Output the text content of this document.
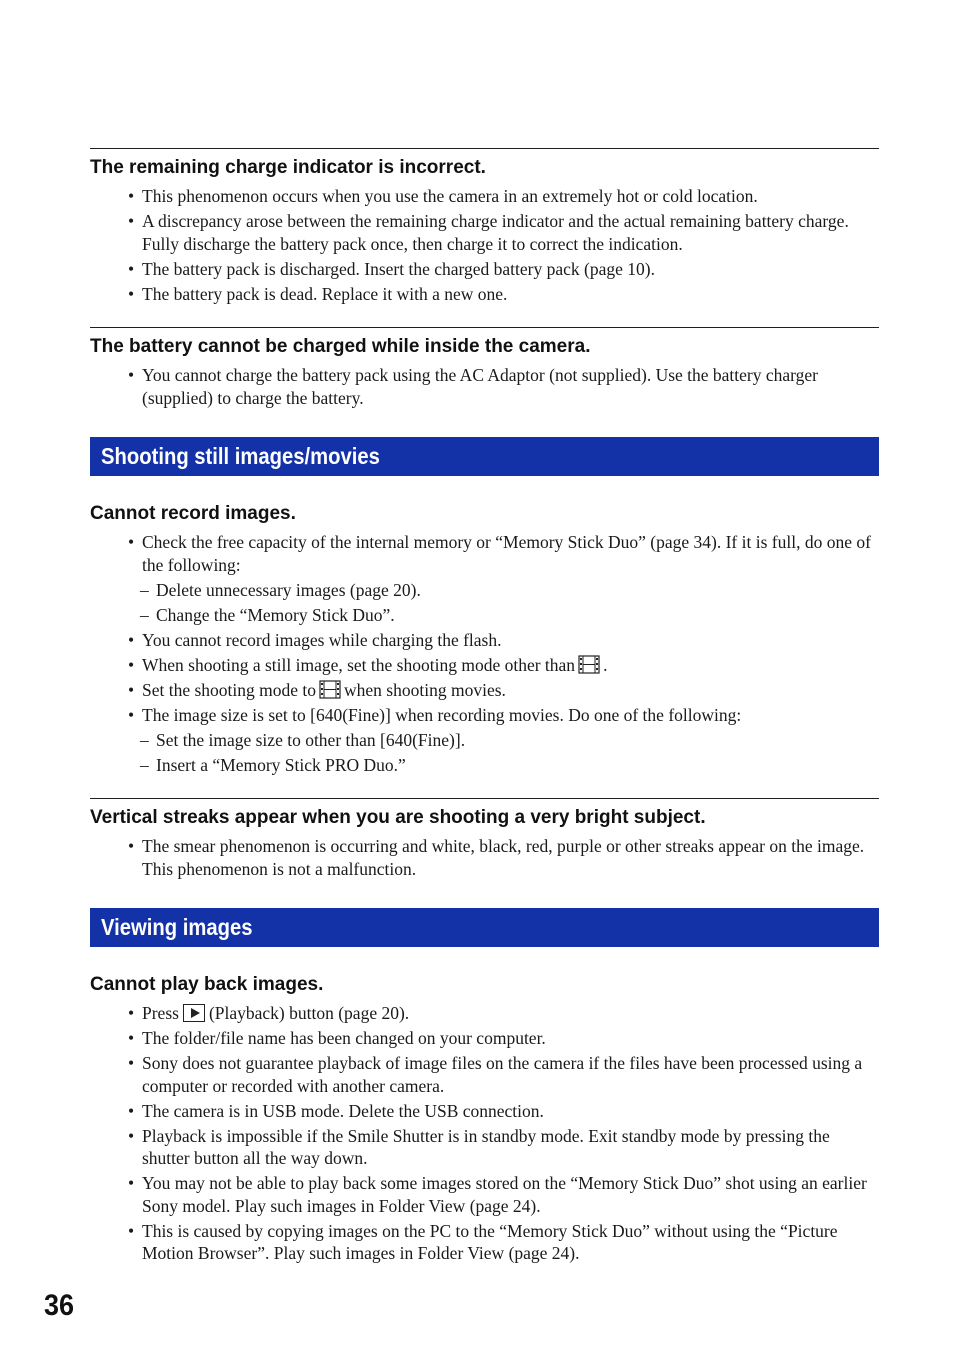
The remaining charge indicator is incorrect.
• This phenomenon occurs when you use the camera in an extremely hot or cold location.
• A discrepancy arose between the remaining charge indicator and the actual remaining battery charge. Fully discharge the battery pack once, then charge it to correct the indication.
• The battery pack is discharged. Insert the charged battery pack (page 10).
• The battery pack is dead. Replace it with a new one.
The battery cannot be charged while inside the camera.
• You cannot charge the battery pack using the AC Adaptor (not supplied). Use the battery charger (supplied) to charge the battery.
Shooting still images/movies
Cannot record images.
• Check the free capacity of the internal memory or “Memory Stick Duo” (page 34). If it is full, do one of the following:
– Delete unnecessary images (page 20).
– Change the “Memory Stick Duo”.
• You cannot record images while charging the flash.
• When shooting a still image, set the shooting mode other than .
• Set the shooting mode to when shooting movies.
• The image size is set to [640(Fine)] when recording movies. Do one of the following:
– Set the image size to other than [640(Fine)].
– Insert a “Memory Stick PRO Duo.”
Vertical streaks appear when you are shooting a very bright subject.
• The smear phenomenon is occurring and white, black, red, purple or other streaks appear on the image. This phenomenon is not a malfunction.
Viewing images
Cannot play back images.
• Press (Playback) button (page 20).
• The folder/file name has been changed on your computer.
• Sony does not guarantee playback of image files on the camera if the files have been processed using a computer or recorded with another camera.
• The camera is in USB mode. Delete the USB connection.
• Playback is impossible if the Smile Shutter is in standby mode. Exit standby mode by pressing the shutter button all the way down.
• You may not be able to play back some images stored on the “Memory Stick Duo” shot using an earlier Sony model. Play such images in Folder View (page 24).
• This is caused by copying images on the PC to the “Memory Stick Duo” without using the “Picture Motion Browser”. Play such images in Folder View (page 24).
36
